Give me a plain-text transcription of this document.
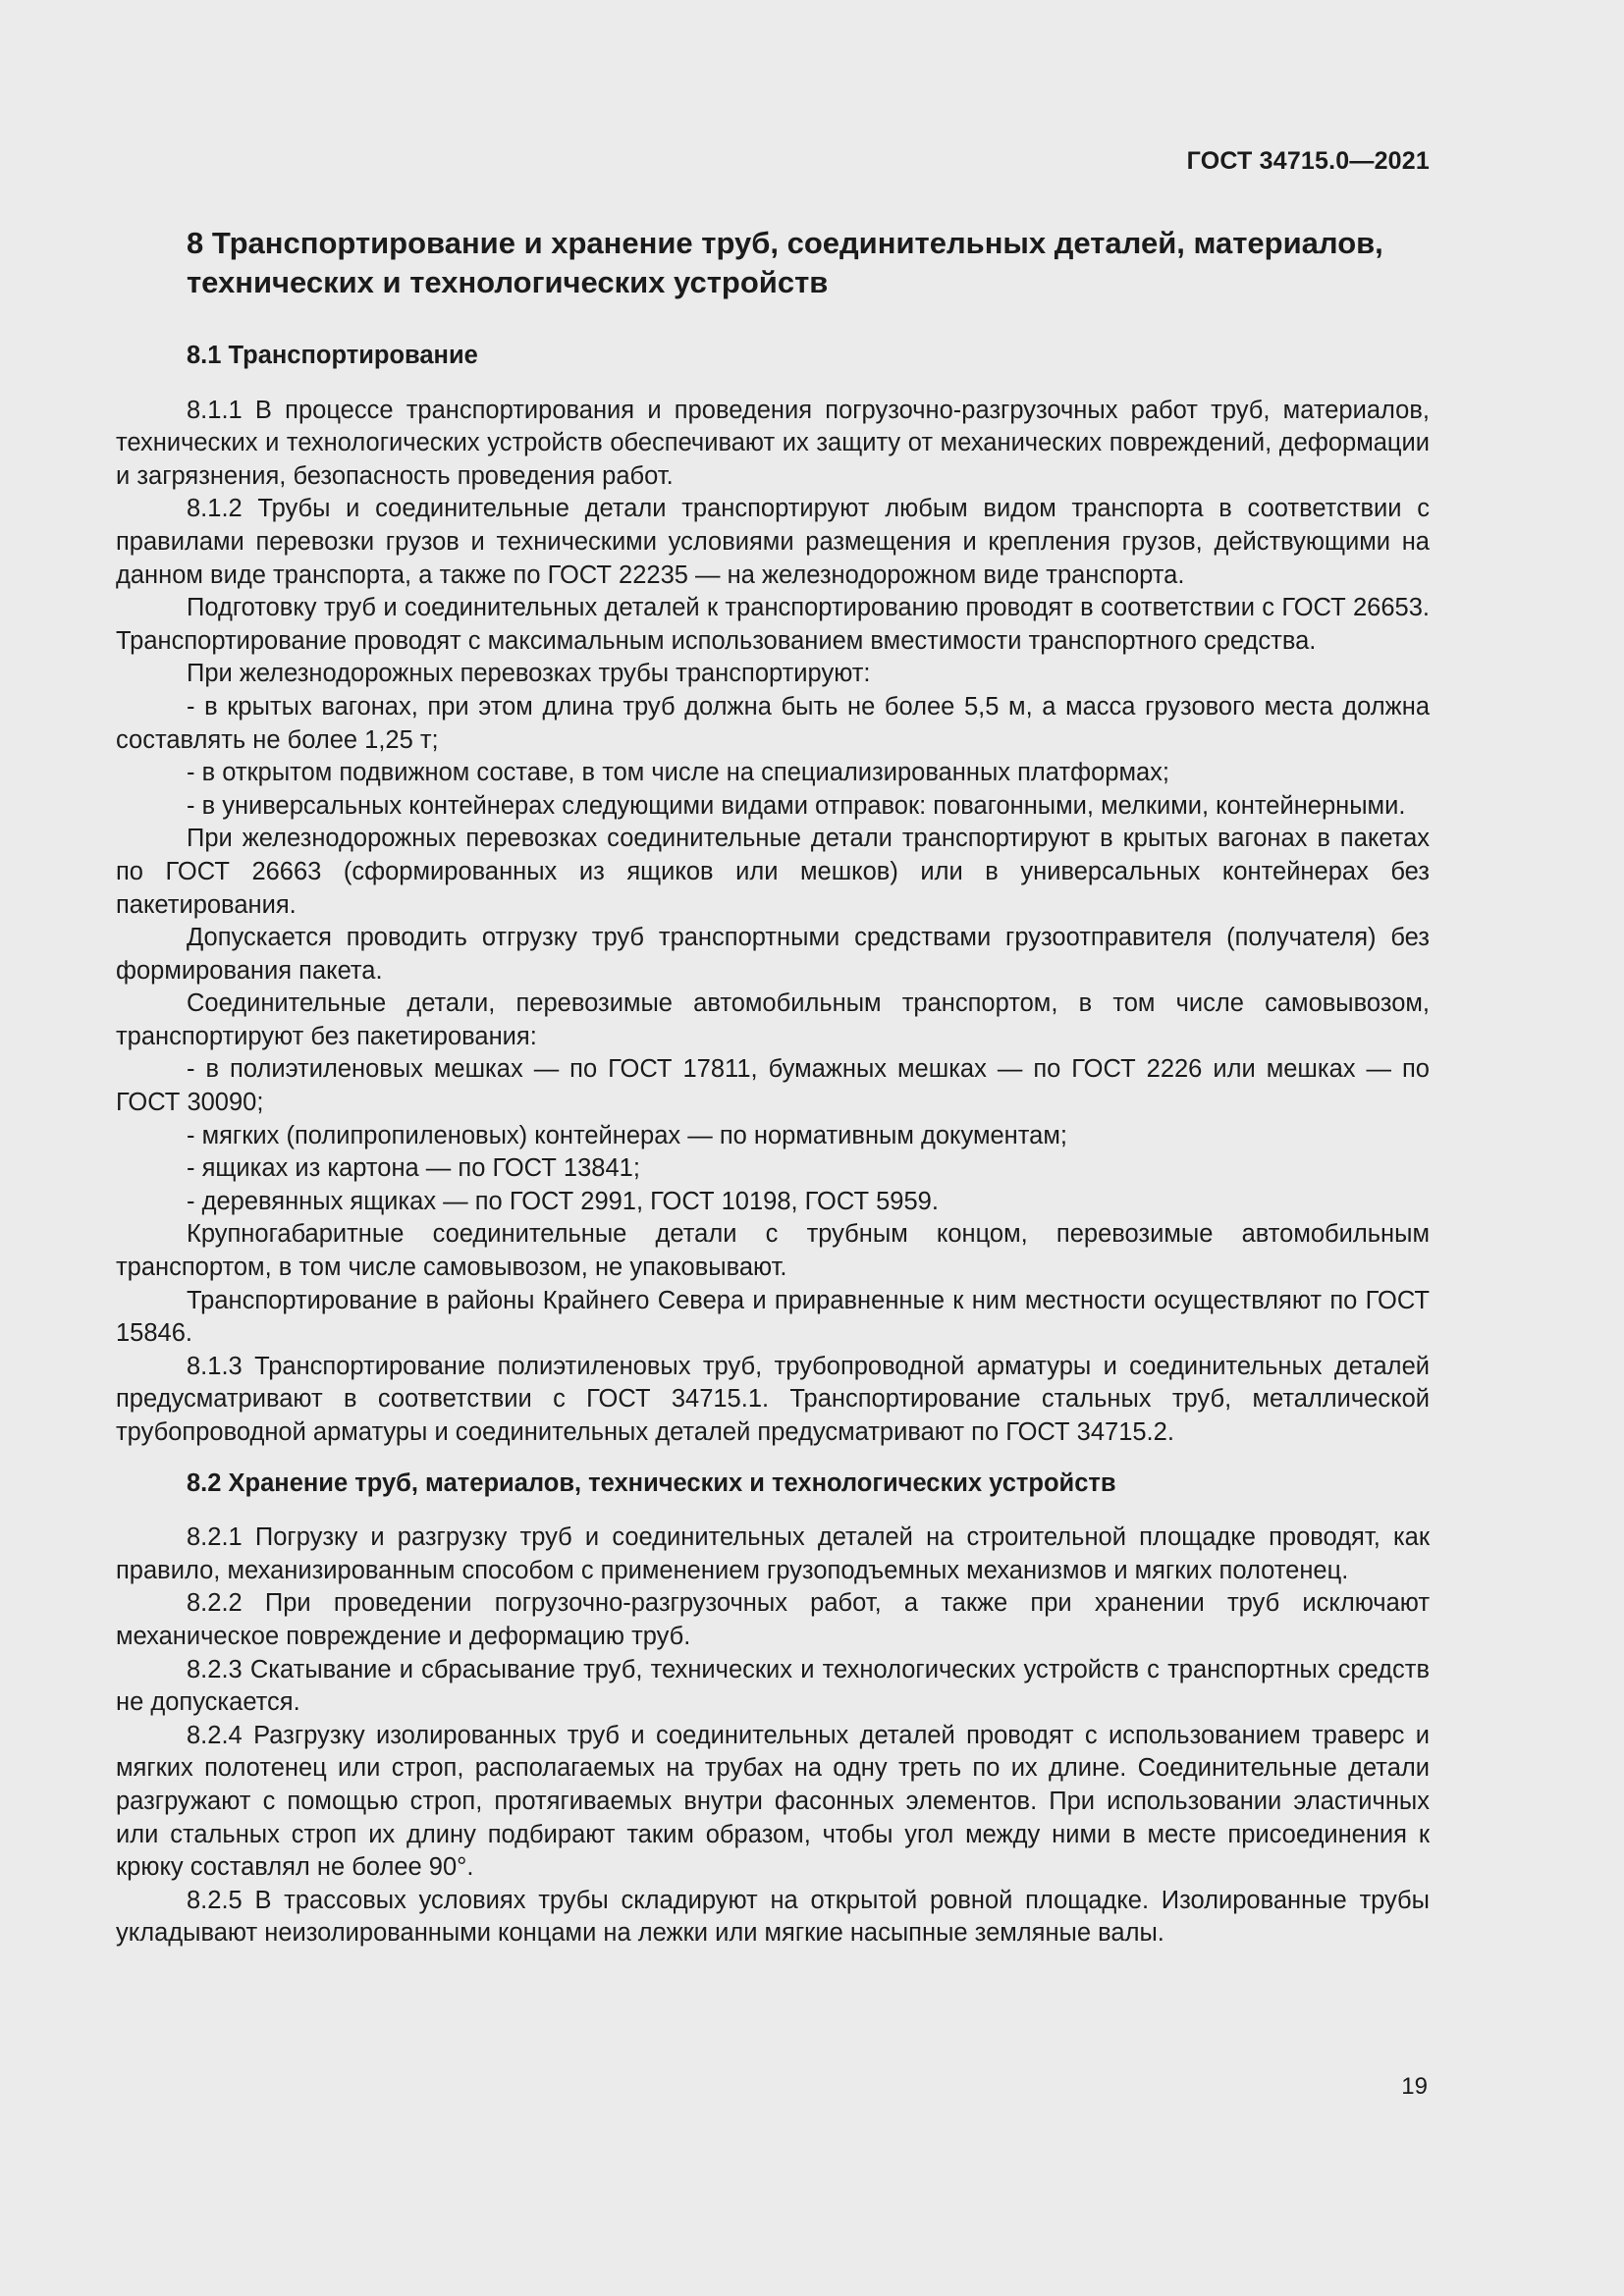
ГОСТ 34715.0—2021
8 Транспортирование и хранение труб, соединительных деталей, материалов, технических и технологических устройств
8.1 Транспортирование

8.1.1 В процессе транспортирования и проведения погрузочно-разгрузочных работ труб, материалов, технических и технологических устройств обеспечивают их защиту от механических повреждений, деформации и загрязнения, безопасность проведения работ.

8.1.2 Трубы и соединительные детали транспортируют любым видом транспорта в соответствии с правилами перевозки грузов и техническими условиями размещения и крепления грузов, действующими на данном виде транспорта, а также по ГОСТ 22235 — на железнодорожном виде транспорта.

Подготовку труб и соединительных деталей к транспортированию проводят в соответствии с ГОСТ 26653. Транспортирование проводят с максимальным использованием вместимости транспортного средства.

При железнодорожных перевозках трубы транспортируют:

- в крытых вагонах, при этом длина труб должна быть не более 5,5 м, а масса грузового места должна составлять не более 1,25 т;

- в открытом подвижном составе, в том числе на специализированных платформах;

- в универсальных контейнерах следующими видами отправок: повагонными, мелкими, контейнерными.

При железнодорожных перевозках соединительные детали транспортируют в крытых вагонах в пакетах по ГОСТ 26663 (сформированных из ящиков или мешков) или в универсальных контейнерах без пакетирования.

Допускается проводить отгрузку труб транспортными средствами грузоотправителя (получателя) без формирования пакета.

Соединительные детали, перевозимые автомобильным транспортом, в том числе самовывозом, транспортируют без пакетирования:

- в полиэтиленовых мешках — по ГОСТ 17811, бумажных мешках — по ГОСТ 2226 или мешках — по ГОСТ 30090;

- мягких (полипропиленовых) контейнерах — по нормативным документам;

- ящиках из картона — по ГОСТ 13841;

- деревянных ящиках — по ГОСТ 2991, ГОСТ 10198, ГОСТ 5959.

Крупногабаритные соединительные детали с трубным концом, перевозимые автомобильным транспортом, в том числе самовывозом, не упаковывают.

Транспортирование в районы Крайнего Севера и приравненные к ним местности осуществляют по ГОСТ 15846.

8.1.3 Транспортирование полиэтиленовых труб, трубопроводной арматуры и соединительных деталей предусматривают в соответствии с ГОСТ 34715.1. Транспортирование стальных труб, металлической трубопроводной арматуры и соединительных деталей предусматривают по ГОСТ 34715.2.

8.2 Хранение труб, материалов, технических и технологических устройств

8.2.1 Погрузку и разгрузку труб и соединительных деталей на строительной площадке проводят, как правило, механизированным способом с применением грузоподъемных механизмов и мягких полотенец.

8.2.2 При проведении погрузочно-разгрузочных работ, а также при хранении труб исключают механическое повреждение и деформацию труб.

8.2.3 Скатывание и сбрасывание труб, технических и технологических устройств с транспортных средств не допускается.

8.2.4 Разгрузку изолированных труб и соединительных деталей проводят с использованием траверс и мягких полотенец или строп, располагаемых на трубах на одну треть по их длине. Соединительные детали разгружают с помощью строп, протягиваемых внутри фасонных элементов. При использовании эластичных или стальных строп их длину подбирают таким образом, чтобы угол между ними в месте присоединения к крюку составлял не более 90°.

8.2.5 В трассовых условиях трубы складируют на открытой ровной площадке. Изолированные трубы укладывают неизолированными концами на лежки или мягкие насыпные земляные валы.

19
